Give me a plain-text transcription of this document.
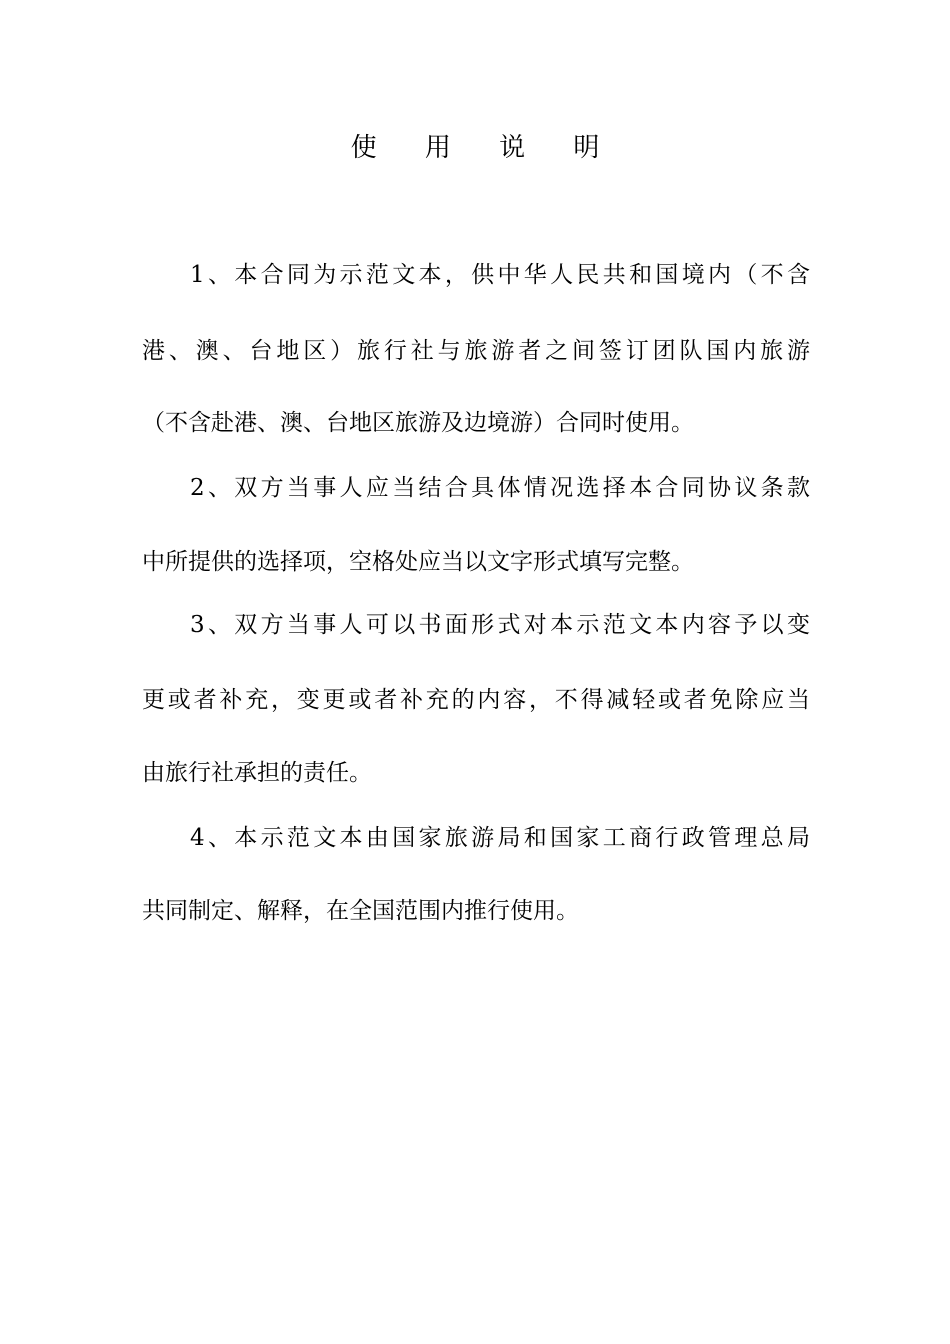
使 用 说 明
1、本合同为示范文本，供中华人民共和国境内（不含
港、澳、台地区）旅行社与旅游者之间签订团队国内旅游
（不含赴港、澳、台地区旅游及边境游）合同时使用。
2、双方当事人应当结合具体情况选择本合同协议条款
中所提供的选择项，空格处应当以文字形式填写完整。
3、双方当事人可以书面形式对本示范文本内容予以变
更或者补充，变更或者补充的内容，不得减轻或者免除应当
由旅行社承担的责任。
4、本示范文本由国家旅游局和国家工商行政管理总局
共同制定、解释，在全国范围内推行使用。
